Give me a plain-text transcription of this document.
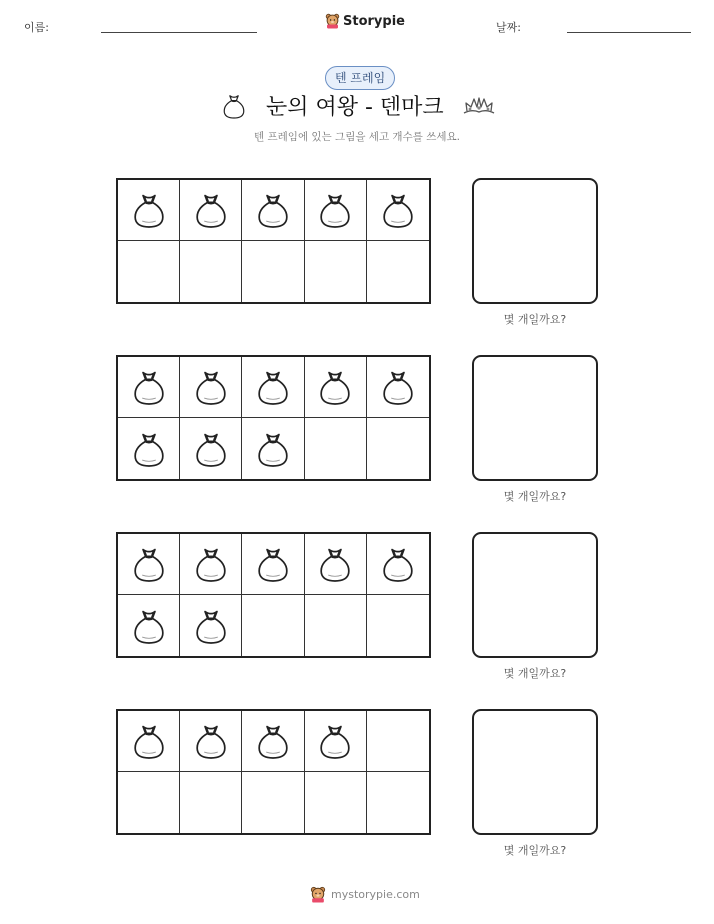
이름:	Storypie	날짜:
텐 프레임
눈의 여왕 - 덴마크
텐 프레임에 있는 그림을 세고 개수를 쓰세요.
몇 개일까요?
몇 개일까요?
몇 개일까요?
몇 개일까요?
mystorypie.com
